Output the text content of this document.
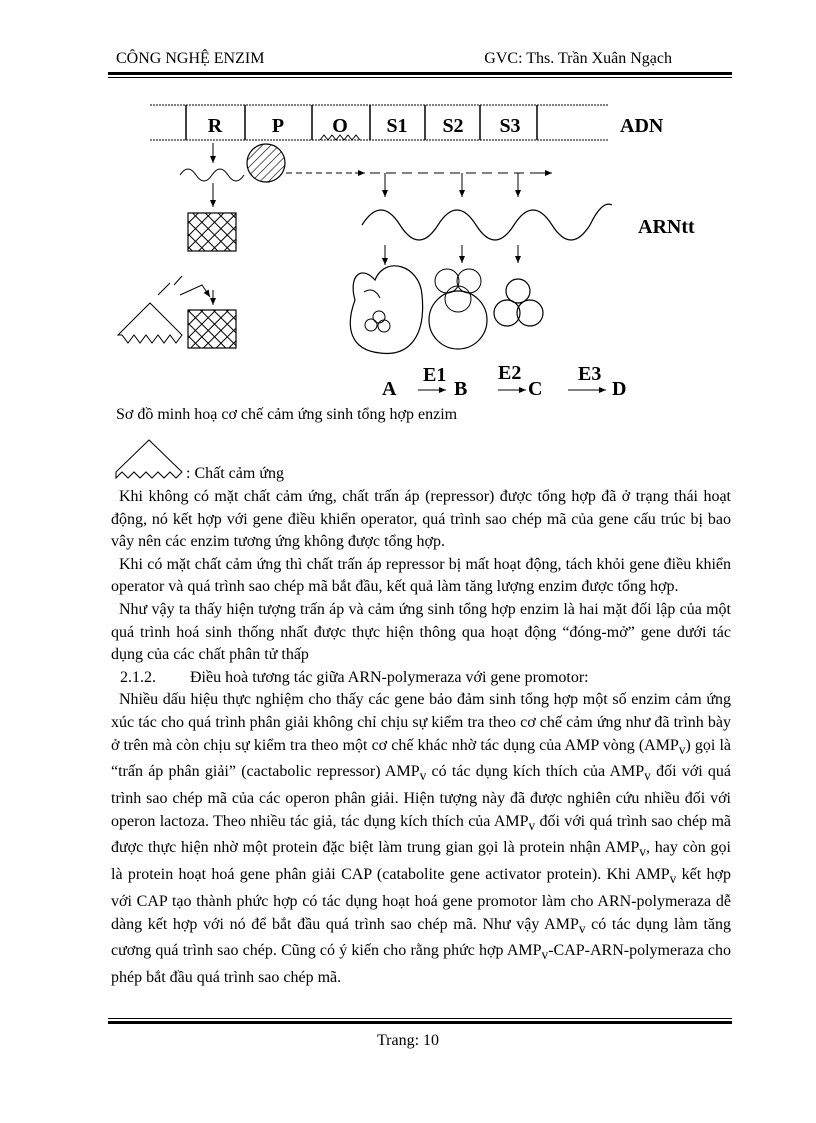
CÔNG NGHỆ ENZIM	GVC: Ths. Trần Xuân Ngạch
R P O S1 S2 S3	ADN
ARNtt
A
E1
B
E2
C
E3
D
Sơ đồ minh hoạ cơ chế cảm ứng sinh tổng hợp enzim
: Chất cảm ứng

Khi không có mặt chất cảm ứng, chất trấn áp (repressor) được tổng hợp đã ở trạng thái hoạt động, nó kết hợp với gene điều khiển operator, quá trình sao chép mã của gene cấu trúc bị bao vây nên các enzim tương ứng không được tổng hợp.

Khi có mặt chất cảm ứng thì chất trấn áp repressor bị mất hoạt động, tách khỏi gene điều khiển operator và quá trình sao chép mã bắt đầu, kết quả làm tăng lượng enzim được tổng hợp.

Như vậy ta thấy hiện tượng trấn áp và cảm ứng sinh tổng hợp enzim là hai mặt đối lập của một quá trình hoá sinh thống nhất được thực hiện thông qua hoạt động “đóng-mở” gene dưới tác dụng của các chất phân tử thấp

2.1.2. Điều hoà tương tác giữa ARN-polymeraza với gene promotor:

Nhiều dấu hiệu thực nghiệm cho thấy các gene bảo đảm sinh tổng hợp một số enzim cảm ứng xúc tác cho quá trình phân giải không chỉ chịu sự kiểm tra theo cơ chế cảm ứng như đã trình bày ở trên mà còn chịu sự kiểm tra theo một cơ chế khác nhờ tác dụng của AMP vòng $(AMP_v)$ gọi là “trấn áp phân giải” (cactabolic repressor) $AMP_v$ có tác dụng kích thích của $AMP_v$ đối với quá trình sao chép mã của các operon phân giải. Hiện tượng này đã được nghiên cứu nhiều đối với operon lactoza. Theo nhiều tác giả, tác dụng kích thích của $AMP_v$ đối với quá trình sao chép mã được thực hiện nhờ một protein đặc biệt làm trung gian gọi là protein nhận $AMP_v$, hay còn gọi là protein hoạt hoá gene phân giải CAP (catabolite gene activator protein). Khi $AMP_v$ kết hợp với CAP tạo thành phức hợp có tác dụng hoạt hoá gene promotor làm cho ARN-polymeraza dễ dàng kết hợp với nó để bắt đầu quá trình sao chép mã. Như vậy $AMP_v$ có tác dụng làm tăng cương quá trình sao chép. Cũng có ý kiến cho rằng phức hợp $AMP_v-CAP-ARN$-polymeraza cho phép bắt đầu quá trình sao chép mã.

Trang: 10
